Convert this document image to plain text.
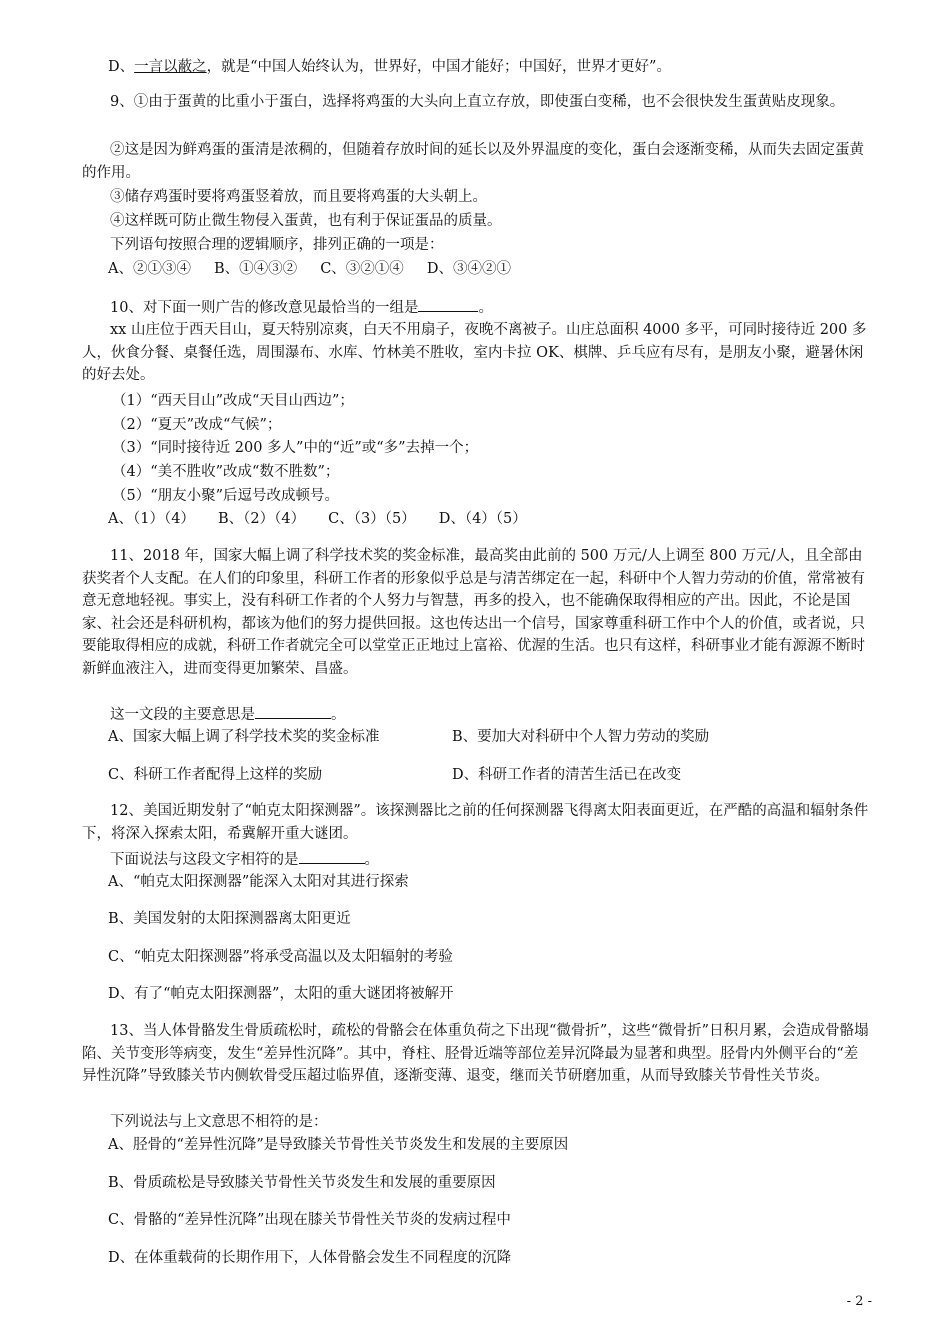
D、一言以蔽之，就是“中国人始终认为，世界好，中国才能好；中国好，世界才更好”。

9、①由于蛋黄的比重小于蛋白，选择将鸡蛋的大头向上直立存放，即使蛋白变稀，也不会很快发生蛋黄贴皮现象。

②这是因为鲜鸡蛋的蛋清是浓稠的，但随着存放时间的延长以及外界温度的变化，蛋白会逐渐变稀，从而失去固定蛋黄的作用。

③储存鸡蛋时要将鸡蛋竖着放，而且要将鸡蛋的大头朝上。

④这样既可防止微生物侵入蛋黄，也有利于保证蛋品的质量。

下列语句按照合理的逻辑顺序，排列正确的一项是：

A、②①③④     B、①④③②     C、③②①④     D、③④②①

10、对下面一则广告的修改意见最恰当的一组是	。

xx 山庄位于西天目山，夏天特别凉爽，白天不用扇子，夜晚不离被子。山庄总面积 4000 多平，可同时接待近 200 多人，伙食分餐、桌餐任选，周围瀑布、水库、竹林美不胜收，室内卡拉 OK、棋牌、乒乓应有尽有，是朋友小聚，避暑休闲的好去处。

（1）“西天目山”改成“天目山西边”；

（2）“夏天”改成“气候”；

（3）“同时接待近 200 多人”中的“近”或“多”去掉一个；

（4）“美不胜收”改成“数不胜数”；

（5）“朋友小聚”后逗号改成顿号。

A、（1）（4）     B、（2）（4）     C、（3）（5）     D、（4）（5）

11、2018 年，国家大幅上调了科学技术奖的奖金标准，最高奖由此前的 500 万元/人上调至 800 万元/人，且全部由获奖者个人支配。在人们的印象里，科研工作者的形象似乎总是与清苦绑定在一起，科研中个人智力劳动的价值，常常被有意无意地轻视。事实上，没有科研工作者的个人努力与智慧，再多的投入，也不能确保取得相应的产出。因此，不论是国家、社会还是科研机构，都该为他们的努力提供回报。这也传达出一个信号，国家尊重科研工作中个人的价值，或者说，只要能取得相应的成就，科研工作者就完全可以堂堂正正地过上富裕、优渥的生活。也只有这样，科研事业才能有源源不断时新鲜血液注入，进而变得更加繁荣、昌盛。

这一文段的主要意思是	。

A、国家大幅上调了科学技术奖的奖金标准	B、要加大对科研中个人智力劳动的奖励

C、科研工作者配得上这样的奖励	D、科研工作者的清苦生活已在改变

12、美国近期发射了“帕克太阳探测器”。该探测器比之前的任何探测器飞得离太阳表面更近，在严酷的高温和辐射条件下，将深入探索太阳，希冀解开重大谜团。

下面说法与这段文字相符的是	。

A、“帕克太阳探测器”能深入太阳对其进行探索

B、美国发射的太阳探测器离太阳更近

C、“帕克太阳探测器”将承受高温以及太阳辐射的考验

D、有了“帕克太阳探测器”，太阳的重大谜团将被解开

13、当人体骨骼发生骨质疏松时，疏松的骨骼会在体重负荷之下出现“微骨折”，这些“微骨折”日积月累，会造成骨骼塌陷、关节变形等病变，发生“差异性沉降”。其中，脊柱、胫骨近端等部位差异沉降最为显著和典型。胫骨内外侧平台的“差异性沉降”导致膝关节内侧软骨受压超过临界值，逐渐变薄、退变，继而关节研磨加重，从而导致膝关节骨性关节炎。

下列说法与上文意思不相符的是：

A、胫骨的“差异性沉降”是导致膝关节骨性关节炎发生和发展的主要原因

B、骨质疏松是导致膝关节骨性关节炎发生和发展的重要原因

C、骨骼的“差异性沉降”出现在膝关节骨性关节炎的发病过程中

D、在体重载荷的长期作用下，人体骨骼会发生不同程度的沉降

- 2 -
